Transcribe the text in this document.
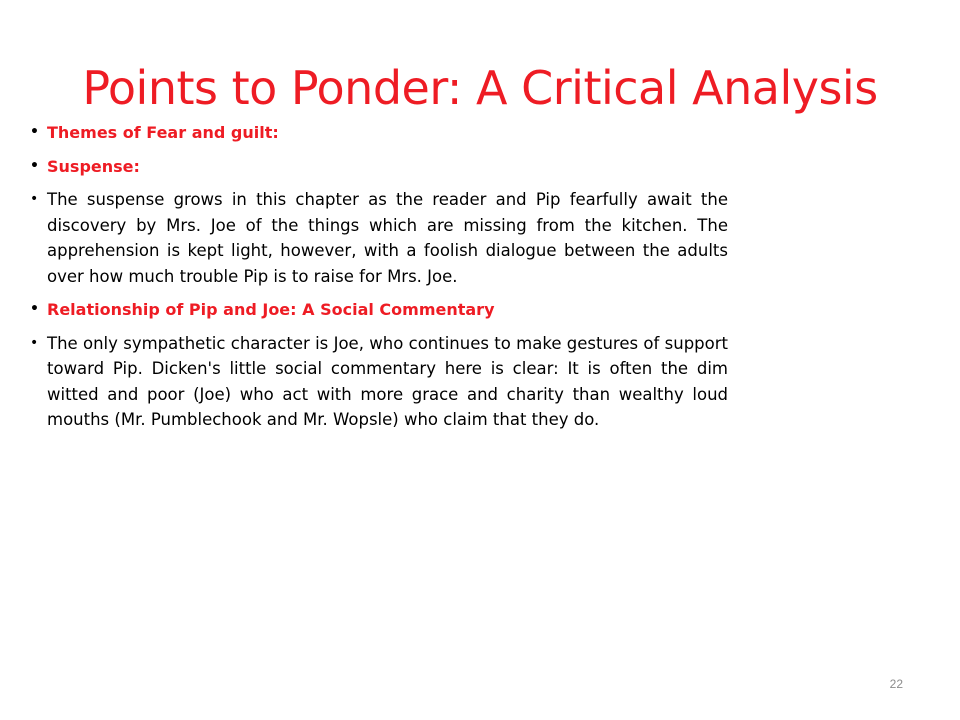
Points to Ponder: A Critical Analysis
• Themes of Fear and guilt:
• Suspense:
• The suspense grows in this chapter as the reader and Pip fearfully await the discovery by Mrs. Joe of the things which are missing from the kitchen. The apprehension is kept light, however, with a foolish dialogue between the adults over how much trouble Pip is to raise for Mrs. Joe.
• Relationship of Pip and Joe: A Social Commentary
• The only sympathetic character is Joe, who continues to make gestures of support toward Pip. Dicken's little social commentary here is clear: It is often the dim witted and poor (Joe) who act with more grace and charity than wealthy loud mouths (Mr. Pumblechook and Mr. Wopsle) who claim that they do.
22
